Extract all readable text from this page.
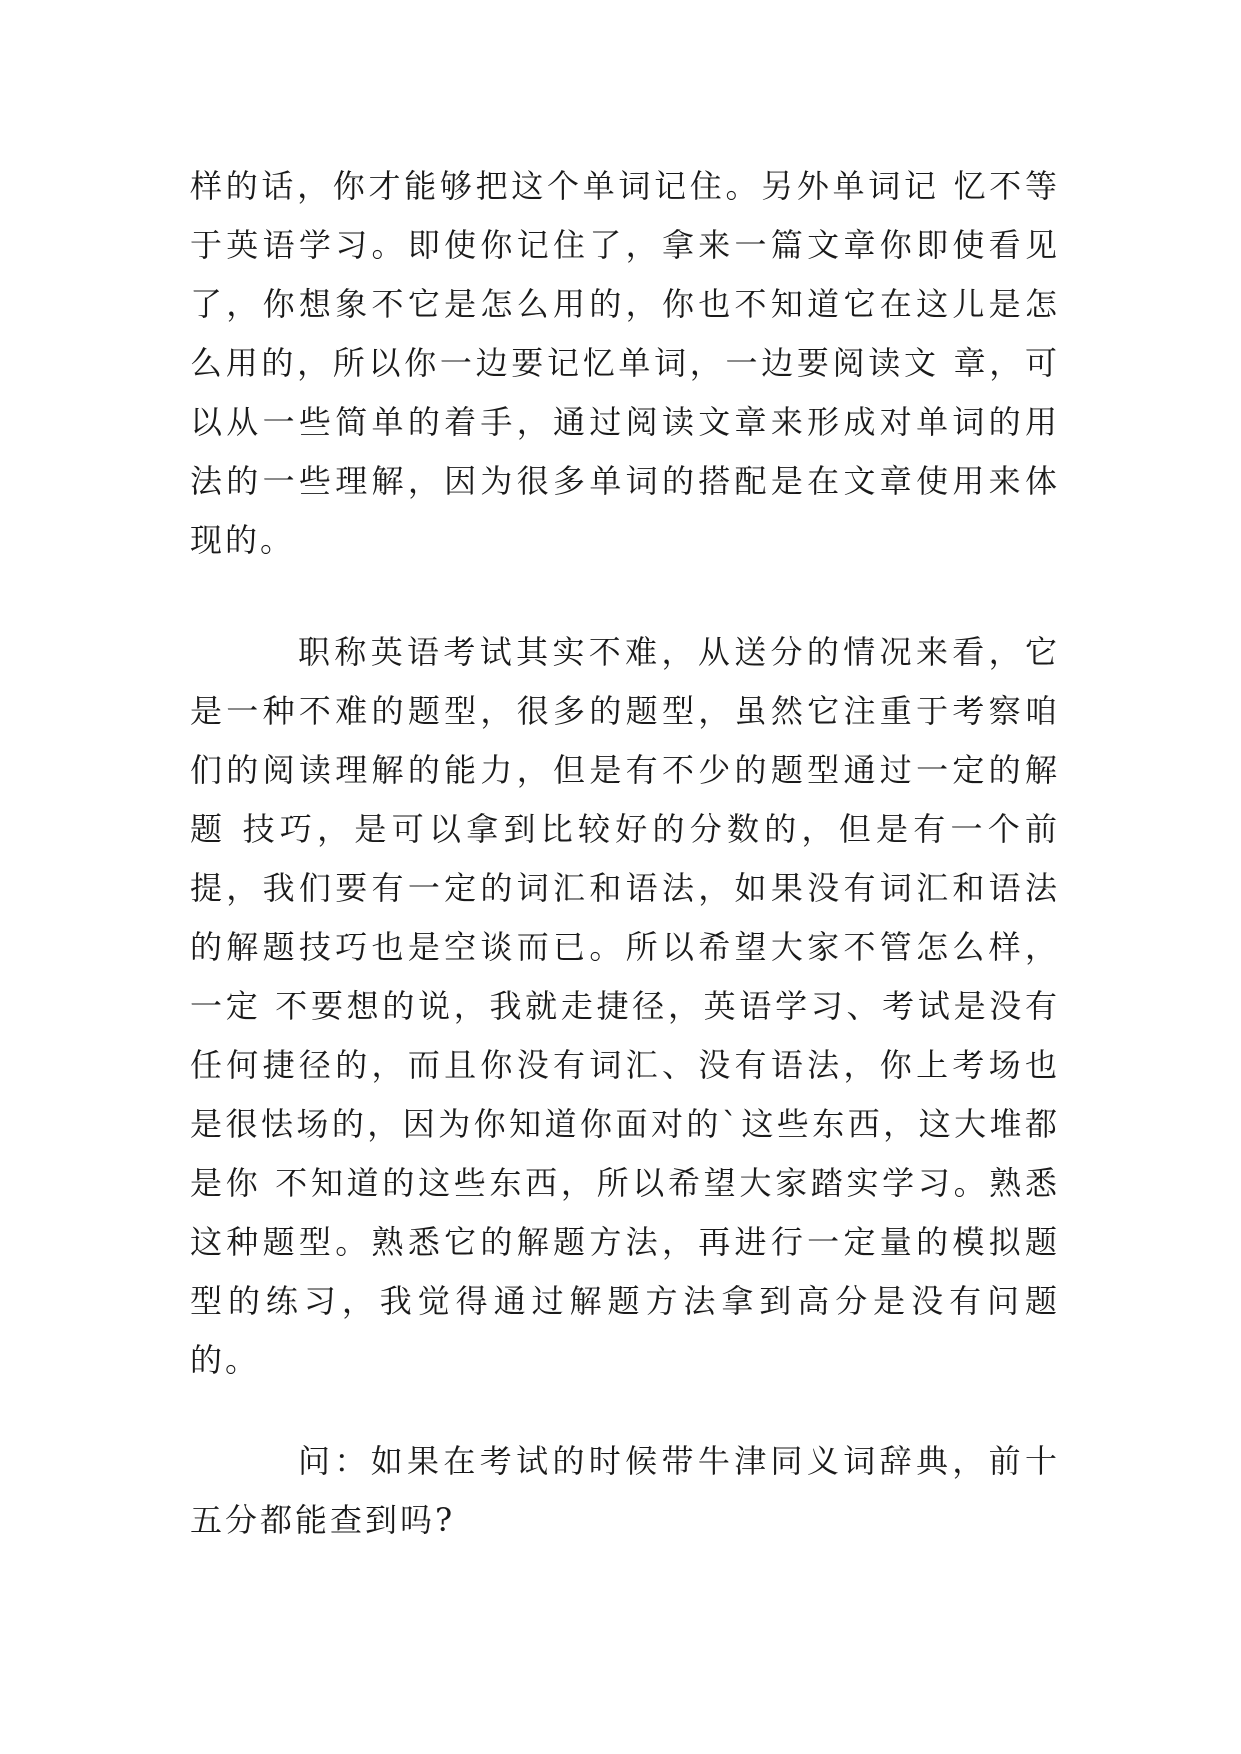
样的话，你才能够把这个单词记住。另外单词记 忆不等于英语学习。即使你记住了，拿来一篇文章你即使看见了，你想象不它是怎么用的，你也不知道它在这儿是怎么用的，所以你一边要记忆单词，一边要阅读文 章，可以从一些简单的着手，通过阅读文章来形成对单词的用法的一些理解，因为很多单词的搭配是在文章使用来体现的。

职称英语考试其实不难，从送分的情况来看，它是一种不难的题型，很多的题型，虽然它注重于考察咱们的阅读理解的能力，但是有不少的题型通过一定的解题 技巧，是可以拿到比较好的分数的，但是有一个前提，我们要有一定的词汇和语法，如果没有词汇和语法的解题技巧也是空谈而已。所以希望大家不管怎么样，一定 不要想的说，我就走捷径，英语学习、考试是没有任何捷径的，而且你没有词汇、没有语法，你上考场也是很怯场的，因为你知道你面对的`这些东西，这大堆都是你 不知道的这些东西，所以希望大家踏实学习。熟悉这种题型。熟悉它的解题方法，再进行一定量的模拟题型的练习，我觉得通过解题方法拿到高分是没有问题的。

问：如果在考试的时候带牛津同义词辞典，前十五分都能查到吗?
